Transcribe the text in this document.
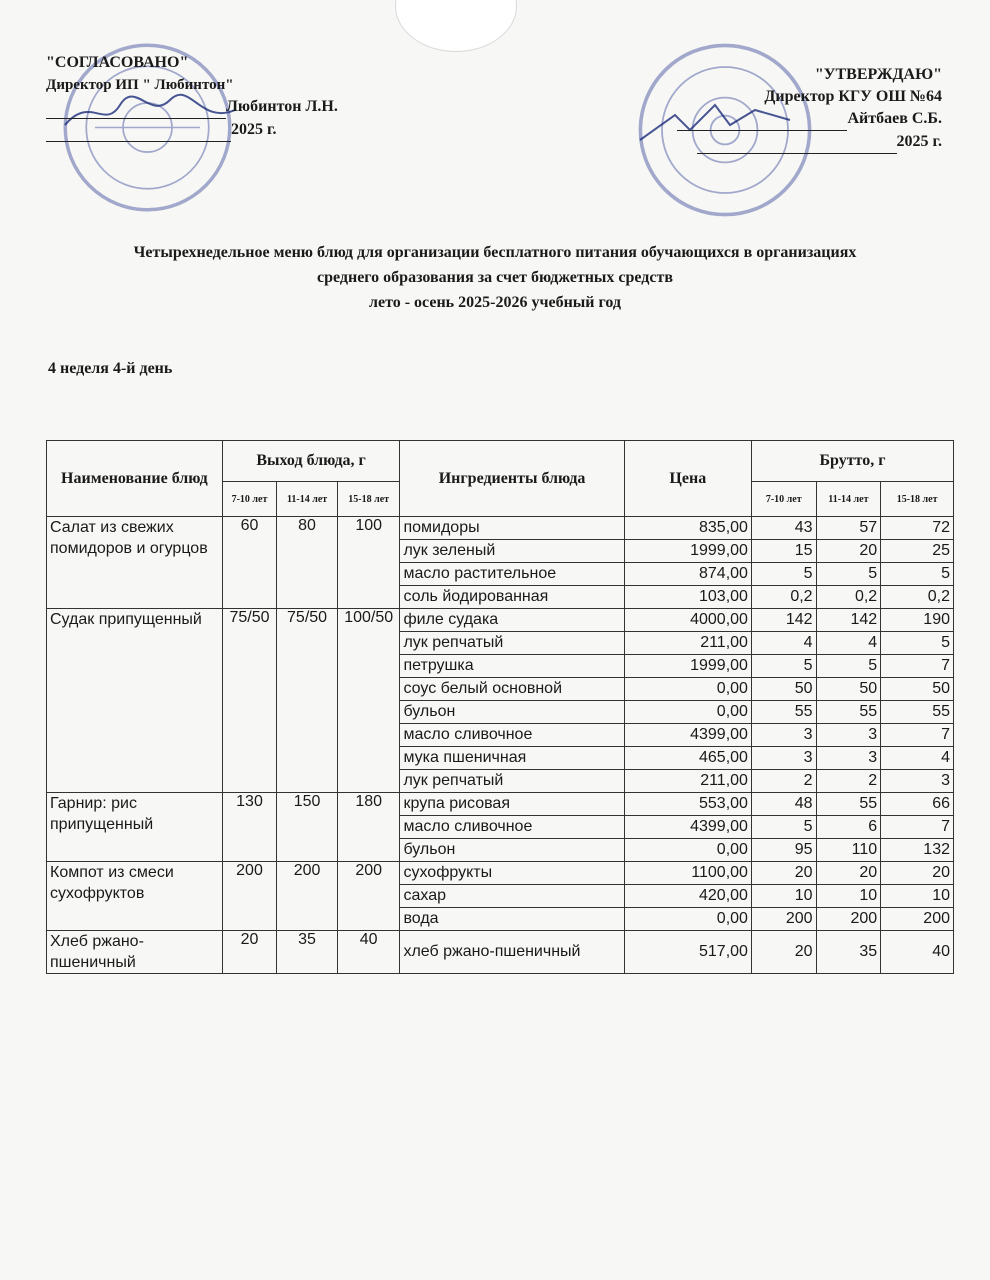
"СОГЛАСОВАНО"
Директор ИП " Любинтон"
Любинтон Л.Н.
2025 г.
"УТВЕРЖДАЮ"
Директор КГУ ОШ №64
Айтбаев С.Б.
2025 г.
Четырехнедельное меню блюд для организации бесплатного питания обучающихся в организациях
среднего образования за счет бюджетных средств
лето - осень 2025-2026 учебный год
4 неделя 4-й день
Наименование блюд	Выход блюда, г			Ингредиенты блюда	Цена	Брутто, г		
	7-10 лет	11-14 лет	15-18 лет			7-10 лет	11-14 лет	15-18 лет
Салат из свежих помидоров и огурцов	60	80	100	помидоры	835,00	43	57	72
				лук зеленый	1999,00	15	20	25
				масло растительное	874,00	5	5	5
				соль йодированная	103,00	0,2	0,2	0,2
Судак припущенный	75/50	75/50	100/50	филе судака	4000,00	142	142	190
				лук репчатый	211,00	4	4	5
				петрушка	1999,00	5	5	7
				соус белый основной	0,00	50	50	50
				бульон	0,00	55	55	55
				масло сливочное	4399,00	3	3	7
				мука пшеничная	465,00	3	3	4
				лук репчатый	211,00	2	2	3
Гарнир: рис припущенный	130	150	180	крупа рисовая	553,00	48	55	66
				масло сливочное	4399,00	5	6	7
				бульон	0,00	95	110	132
Компот из смеси сухофруктов	200	200	200	сухофрукты	1100,00	20	20	20
				сахар	420,00	10	10	10
				вода	0,00	200	200	200
Хлеб ржано-пшеничный	20	35	40	хлеб ржано-пшеничный	517,00	20	35	40
